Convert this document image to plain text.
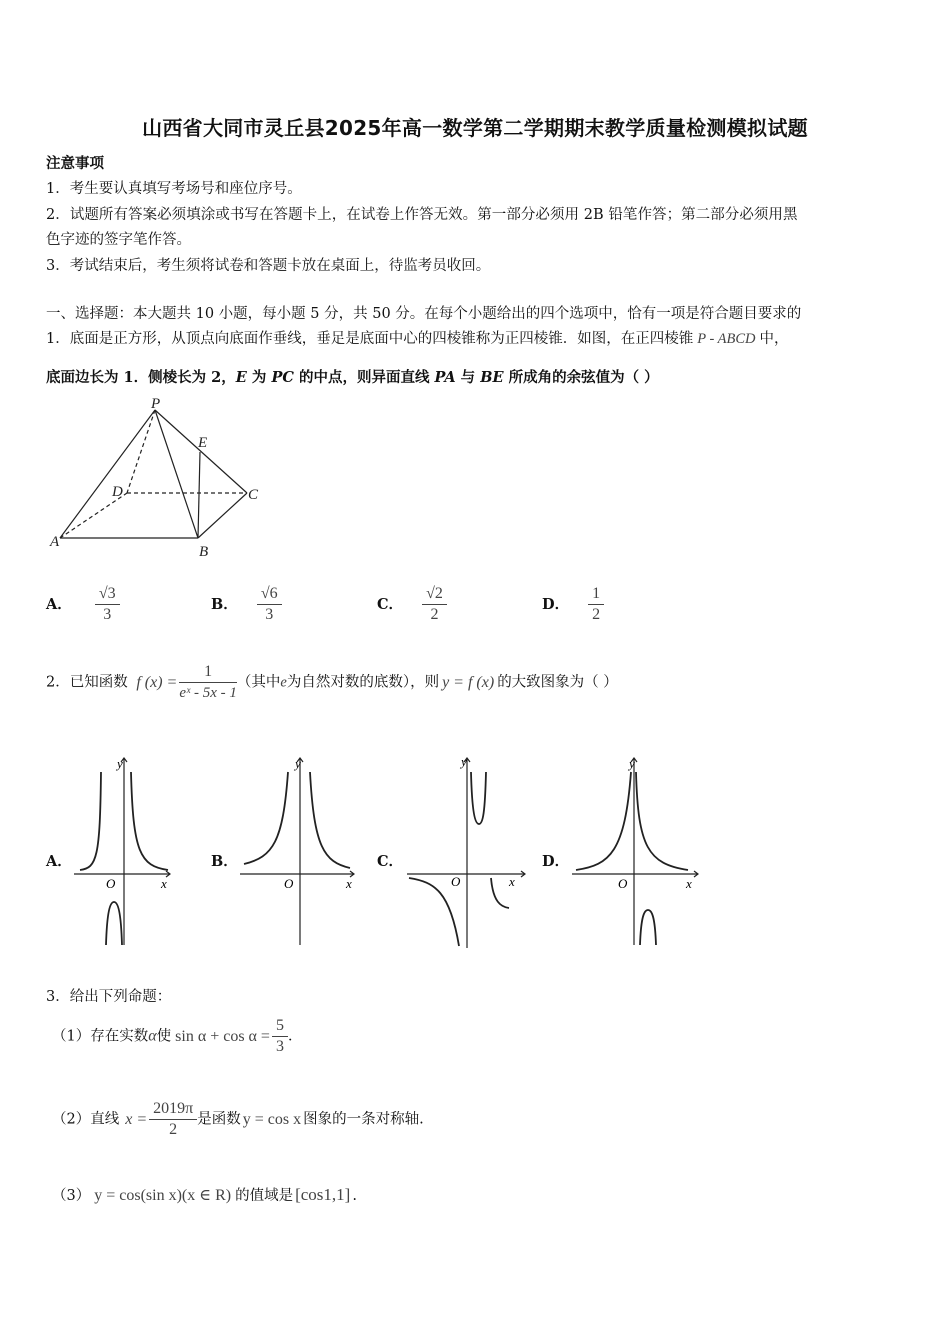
山西省大同市灵丘县2025年高一数学第二学期期末教学质量检测模拟试题
注意事项
1．考生要认真填写考场号和座位序号。
2．试题所有答案必须填涂或书写在答题卡上，在试卷上作答无效。第一部分必须用 2B 铅笔作答；第二部分必须用黑
色字迹的签字笔作答。
3．考试结束后，考生须将试卷和答题卡放在桌面上，待监考员收回。
一、选择题：本大题共 10 小题，每小题 5 分，共 50 分。在每个小题给出的四个选项中，恰有一项是符合题目要求的
1．底面是正方形，从顶点向底面作垂线，垂足是底面中心的四棱锥称为正四棱锥．如图，在正四棱锥 P - ABCD 中，
底面边长为 1．侧棱长为 2，E 为 PC 的中点，则异面直线 PA 与 BE 所成角的余弦值为（ ）
P
E
D	C
A
B
A． $\frac{√3}{3}$	B． $\frac{√6}{3}$	C． $\frac{√2}{2}$	D． $\frac{1}{2}$
2．已知函数 f $(x) = \frac{1}{\text{eˣ - 5x - 1}}$ （其中e为自然对数的底数），则 y = f (x) 的大致图象为（ ）
A．	B．	C．	D．
y
x
O
y
x
O
y
x
O
y
x
O
3．给出下列命题：
（1）存在实数α使 $\sin \alpha + \cos \alpha = \frac{5}{3}$ ．
（2）直线 $x = \frac{2019\pi}{2}$ 是函数 y = cos x 图象的一条对称轴.
（3） y = cos(sin x)(x ∈ R) 的值域是 [cos1,1] .
